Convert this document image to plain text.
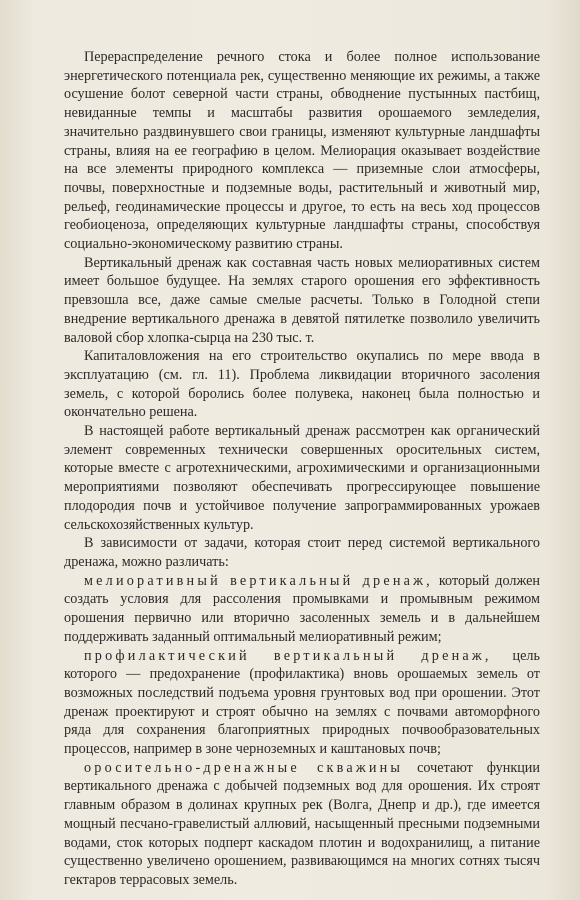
Перераспределение речного стока и более полное использование энергетического потенциала рек, существенно меняющие их режимы, а также осушение болот северной части страны, обводнение пустынных пастбищ, невиданные темпы и масштабы развития орошаемого земледелия, значительно раздвинувшего свои границы, изменяют культурные ландшафты страны, влияя на ее географию в целом. Мелиорация оказывает воздействие на все элементы природного комплекса — приземные слои атмосферы, почвы, поверхностные и подземные воды, растительный и животный мир, рельеф, геодинамические процессы и другое, то есть на весь ход процессов геобиоценоза, определяющих культурные ландшафты страны, способствуя социально-экономическому развитию страны.

Вертикальный дренаж как составная часть новых мелиоративных систем имеет большое будущее. На землях старого орошения его эффективность превзошла все, даже самые смелые расчеты. Только в Голодной степи внедрение вертикального дренажа в девятой пятилетке позволило увеличить валовой сбор хлопка-сырца на 230 тыс. т.

Капиталовложения на его строительство окупались по мере ввода в эксплуатацию (см. гл. 11). Проблема ликвидации вторичного засоления земель, с которой боролись более полувека, наконец была полностью и окончательно решена.

В настоящей работе вертикальный дренаж рассмотрен как органический элемент современных технически совершенных оросительных систем, которые вместе с агротехническими, агрохимическими и организационными мероприятиями позволяют обеспечивать прогрессирующее повышение плодородия почв и устойчивое получение запрограммированных урожаев сельскохозяйственных культур.

В зависимости от задачи, которая стоит перед системой вертикального дренажа, можно различать:

мелиоративный вертикальный дренаж, который должен создать условия для рассоления промывками и промывным режимом орошения первично или вторично засоленных земель и в дальнейшем поддерживать заданный оптимальный мелиоративный режим;

профилактический вертикальный дренаж, цель которого — предохранение (профилактика) вновь орошаемых земель от возможных последствий подъема уровня грунтовых вод при орошении. Этот дренаж проектируют и строят обычно на землях с почвами автоморфного ряда для сохранения благоприятных природных почвообразовательных процессов, например в зоне черноземных и каштановых почв;

оросительно-дренажные скважины сочетают функции вертикального дренажа с добычей подземных вод для орошения. Их строят главным образом в долинах крупных рек (Волга, Днепр и др.), где имеется мощный песчано-гравелистый аллювий, насыщенный пресными подземными водами, сток которых подперт каскадом плотин и водохранилищ, а питание существенно увеличено орошением, развивающимся на многих сотнях тысяч гектаров террасовых земель.
